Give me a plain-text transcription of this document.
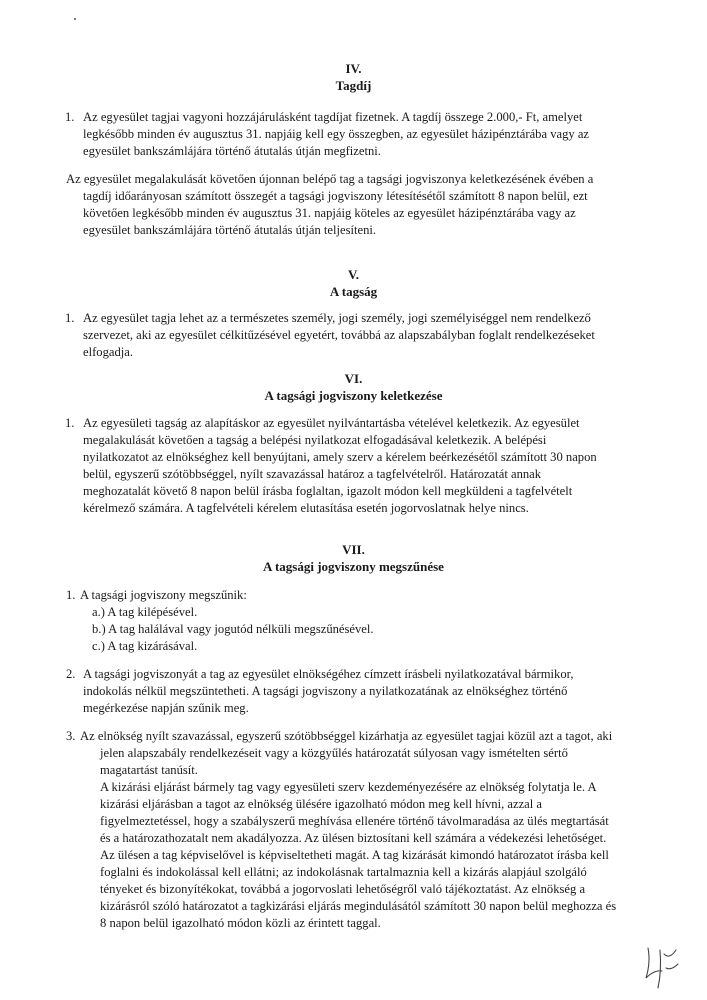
IV.
Tagdíj
1. Az egyesület tagjai vagyoni hozzájárulásként tagdíjat fizetnek. A tagdíj összege 2.000,- Ft, amelyet
legkésőbb minden év augusztus 31. napjáig kell egy összegben, az egyesület házipénztárába vagy az
egyesület bankszámlájára történő átutalás útján megfizetni.
Az egyesület megalakulását követően újonnan belépő tag a tagsági jogviszonya keletkezésének évében a
tagdíj időarányosan számított összegét a tagsági jogviszony létesítésétől számított 8 napon belül, ezt
követően legkésőbb minden év augusztus 31. napjáig köteles az egyesület házipénztárába vagy az
egyesület bankszámlájára történő átutalás útján teljesíteni.
V.
A tagság
1. Az egyesület tagja lehet az a természetes személy, jogi személy, jogi személyiséggel nem rendelkező
szervezet, aki az egyesület célkitűzésével egyetért, továbbá az alapszabályban foglalt rendelkezéseket
elfogadja.
VI.
A tagsági jogviszony keletkezése
1. Az egyesületi tagság az alapításkor az egyesület nyilvántartásba vételével keletkezik. Az egyesület
megalakulását követően a tagság a belépési nyilatkozat elfogadásával keletkezik. A belépési
nyilatkozatot az elnökséghez kell benyújtani, amely szerv a kérelem beérkezésétől számított 30 napon
belül, egyszerű szótöbbséggel, nyílt szavazással határoz a tagfelvételről. Határozatát annak
meghozatalát követő 8 napon belül írásba foglaltan, igazolt módon kell megküldeni a tagfelvételt
kérelmező számára. A tagfelvételi kérelem elutasítása esetén jogorvoslatnak helye nincs.
VII.
A tagsági jogviszony megszűnése
1. A tagsági jogviszony megszűnik:
a.) A tag kilépésével.
b.) A tag halálával vagy jogutód nélküli megszűnésével.
c.) A tag kizárásával.
2. A tagsági jogviszonyát a tag az egyesület elnökségéhez címzett írásbeli nyilatkozatával bármikor,
indokolás nélkül megszüntetheti. A tagsági jogviszony a nyilatkozatának az elnökséghez történő
megérkezése napján szűnik meg.
3. Az elnökség nyílt szavazással, egyszerű szótöbbséggel kizárhatja az egyesület tagjai közül azt a tagot, aki
jelen alapszabály rendelkezéseit vagy a közgyűlés határozatát súlyosan vagy ismételten sértő
magatartást tanúsít.
A kizárási eljárást bármely tag vagy egyesületi szerv kezdeményezésére az elnökség folytatja le. A
kizárási eljárásban a tagot az elnökség ülésére igazolható módon meg kell hívni, azzal a
figyelmeztetéssel, hogy a szabályszerű meghívása ellenére történő távolmaradása az ülés megtartását
és a határozathozatalt nem akadályozza. Az ülésen biztosítani kell számára a védekezési lehetőséget.
Az ülésen a tag képviselővel is képviseltetheti magát. A tag kizárását kimondó határozatot írásba kell
foglalni és indokolással kell ellátni; az indokolásnak tartalmaznia kell a kizárás alapjául szolgáló
tényeket és bizonyítékokat, továbbá a jogorvoslati lehetőségről való tájékoztatást. Az elnökség a
kizárásról szóló határozatot a tagkizárási eljárás megindulásától számított 30 napon belül meghozza és
8 napon belül igazolható módon közli az érintett taggal.
